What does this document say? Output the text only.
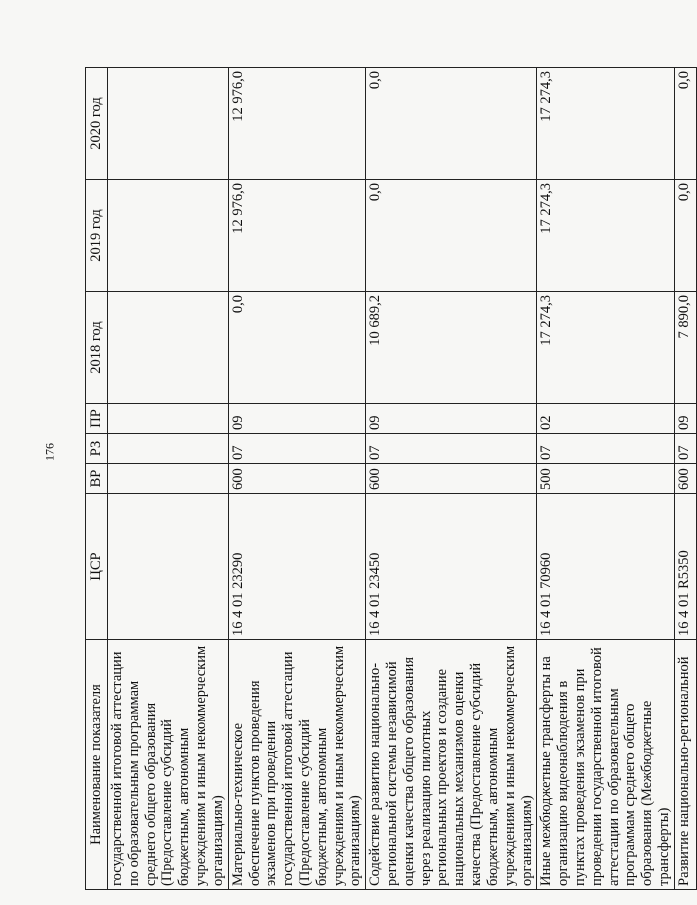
176
Наименование показателя	ЦСР	ВР	РЗ	ПР	2018 год	2019 год	2020 год
государственной итоговой аттестации по образовательным программам среднего общего образования (Предоставление субсидий бюджетным, автономным учреждениям и иным некоммерческим организациям)							
Материально-техническое обеспечение пунктов проведения экзаменов при проведении государственной итоговой аттестации (Предоставление субсидий бюджетным, автономным учреждениям и иным некоммерческим организациям)	16 4 01 23290	600	07	09	0,0	12 976,0	12 976,0
Содействие развитию национально-региональной системы независимой оценки качества общего образования через реализацию пилотных региональных проектов и создание национальных механизмов оценки качества (Предоставление субсидий бюджетным, автономным учреждениям и иным некоммерческим организациям)	16 4 01 23450	600	07	09	10 689,2	0,0	0,0
Иные межбюджетные трансферты на организацию видеонаблюдения в пунктах проведения экзаменов при проведении государственной итоговой аттестации по образовательным программам среднего общего образования (Межбюджетные трансферты)	16 4 01 70960	500	07	02	17 274,3	17 274,3	17 274,3
Развитие национально-региональной	16 4 01 R5350	600	07	09	7 890,0	0,0	0,0
